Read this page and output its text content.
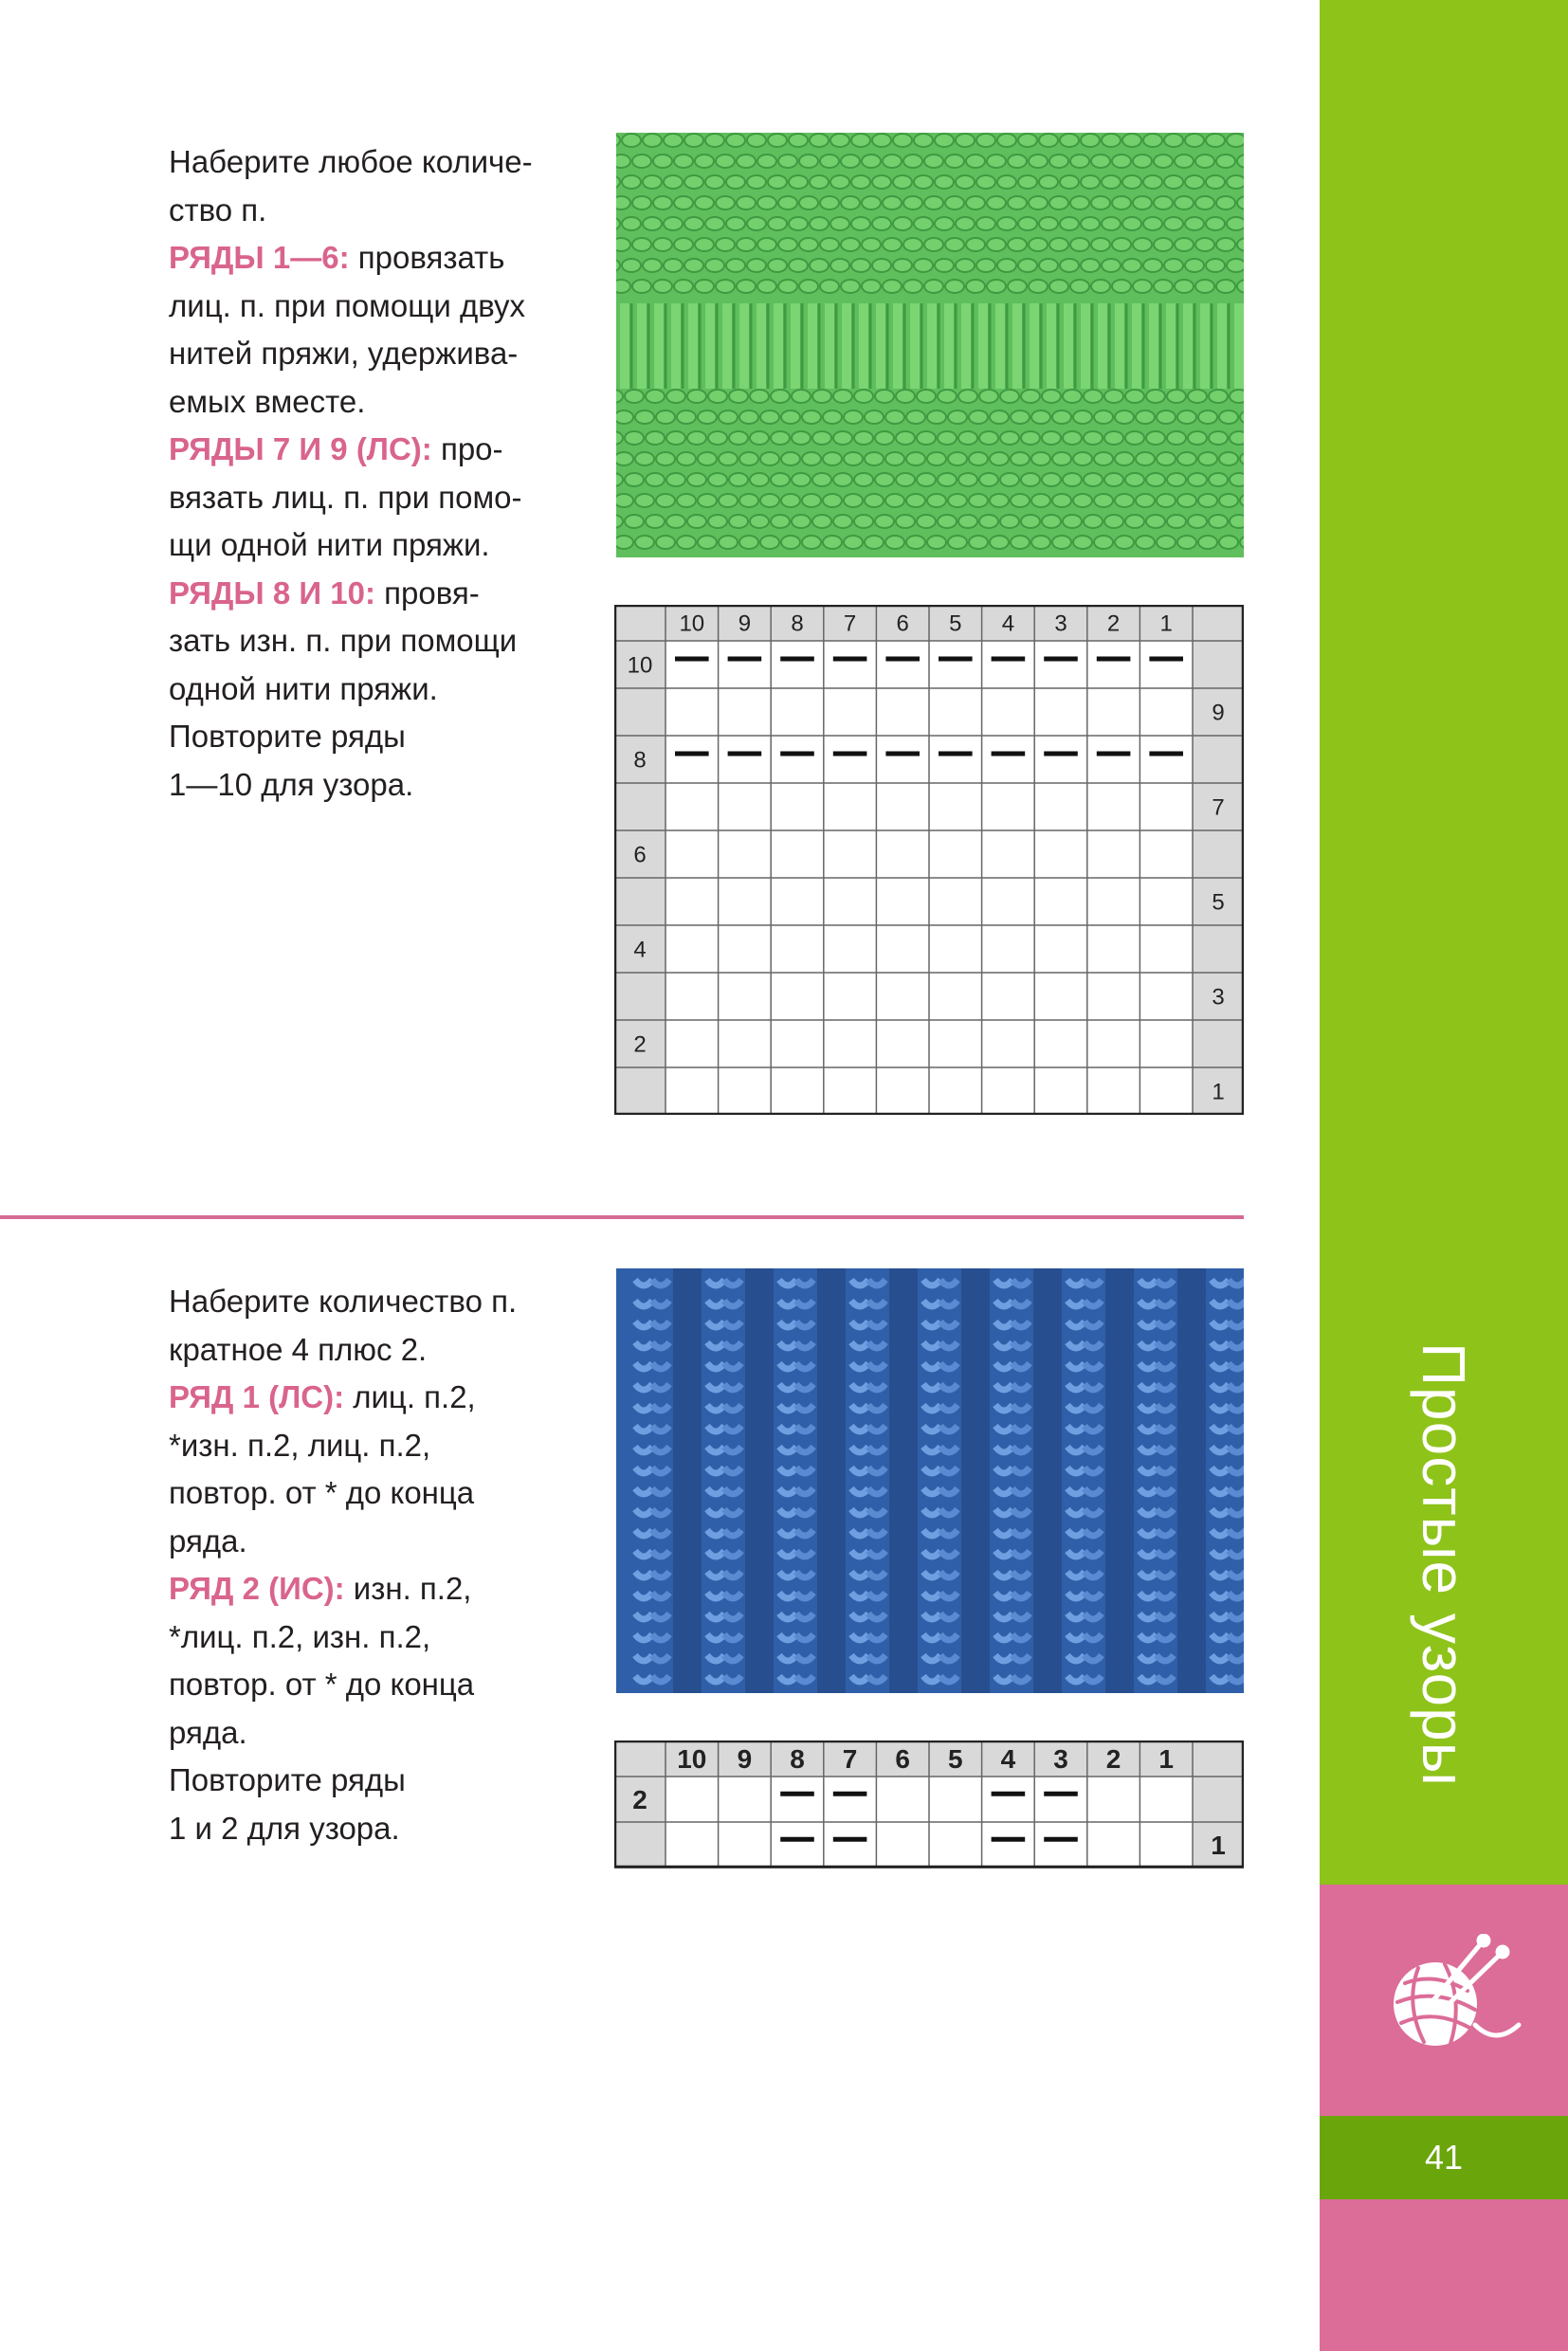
Наберите любое количе-
ство п.
РЯДЫ 1—6: провязать
лиц. п. при помощи двух
нитей пряжи, удержива-
емых вместе.
РЯДЫ 7 И 9 (ЛС): про-
вязать лиц. п. при помо-
щи одной нити пряжи.
РЯДЫ 8 И 10: провя-
зать изн. п. при помощи
одной нити пряжи.
Повторите ряды
1—10 для узора.
10 9 8 7 6 5 4 3 2 1
10
9
8
7
6
5
4
3
2
1
Наберите количество п.
кратное 4 плюс 2.
РЯД 1 (ЛС): лиц. п.2,
*изн. п.2, лиц. п.2,
повтор. от * до конца
ряда.
РЯД 2 (ИС): изн. п.2,
*лиц. п.2, изн. п.2,
повтор. от * до конца
ряда.
Повторите ряды
1 и 2 для узора.
10 9 8 7 6 5 4 3 2 1
2
1
Простые узоры
41
